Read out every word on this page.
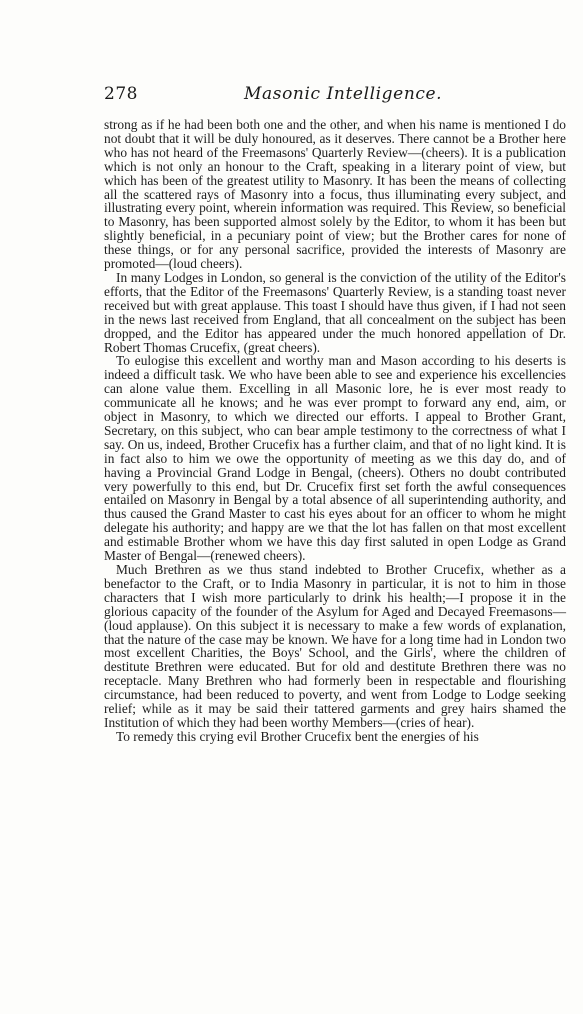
278	Masonic Intelligence.

strong as if he had been both one and the other, and when his name is mentioned I do not doubt that it will be duly honoured, as it deserves. There cannot be a Brother here who has not heard of the Freemasons' Quarterly Review—(cheers). It is a publication which is not only an honour to the Craft, speaking in a literary point of view, but which has been of the greatest utility to Masonry. It has been the means of collecting all the scattered rays of Masonry into a focus, thus illuminating every subject, and illustrating every point, wherein information was required. This Review, so beneficial to Masonry, has been supported almost solely by the Editor, to whom it has been but slightly beneficial, in a pecuniary point of view; but the Brother cares for none of these things, or for any personal sacrifice, provided the interests of Masonry are promoted—(loud cheers).

In many Lodges in London, so general is the conviction of the utility of the Editor's efforts, that the Editor of the Freemasons' Quarterly Review, is a standing toast never received but with great applause. This toast I should have thus given, if I had not seen in the news last received from England, that all concealment on the subject has been dropped, and the Editor has appeared under the much honored appellation of Dr. Robert Thomas Crucefix, (great cheers).

To eulogise this excellent and worthy man and Mason according to his deserts is indeed a difficult task. We who have been able to see and experience his excellencies can alone value them. Excelling in all Masonic lore, he is ever most ready to communicate all he knows; and he was ever prompt to forward any end, aim, or object in Masonry, to which we directed our efforts. I appeal to Brother Grant, Secretary, on this subject, who can bear ample testimony to the correctness of what I say. On us, indeed, Brother Crucefix has a further claim, and that of no light kind. It is in fact also to him we owe the opportunity of meeting as we this day do, and of having a Provincial Grand Lodge in Bengal, (cheers). Others no doubt contributed very powerfully to this end, but Dr. Crucefix first set forth the awful consequences entailed on Masonry in Bengal by a total absence of all superintending authority, and thus caused the Grand Master to cast his eyes about for an officer to whom he might delegate his authority; and happy are we that the lot has fallen on that most excellent and estimable Brother whom we have this day first saluted in open Lodge as Grand Master of Bengal—(renewed cheers).

Much Brethren as we thus stand indebted to Brother Crucefix, whether as a benefactor to the Craft, or to India Masonry in particular, it is not to him in those characters that I wish more particularly to drink his health;—I propose it in the glorious capacity of the founder of the Asylum for Aged and Decayed Freemasons—(loud applause). On this subject it is necessary to make a few words of explanation, that the nature of the case may be known. We have for a long time had in London two most excellent Charities, the Boys' School, and the Girls', where the children of destitute Brethren were educated. But for old and destitute Brethren there was no receptacle. Many Brethren who had formerly been in respectable and flourishing circumstance, had been reduced to poverty, and went from Lodge to Lodge seeking relief; while as it may be said their tattered garments and grey hairs shamed the Institution of which they had been worthy Members—(cries of hear).

To remedy this crying evil Brother Crucefix bent the energies of his
